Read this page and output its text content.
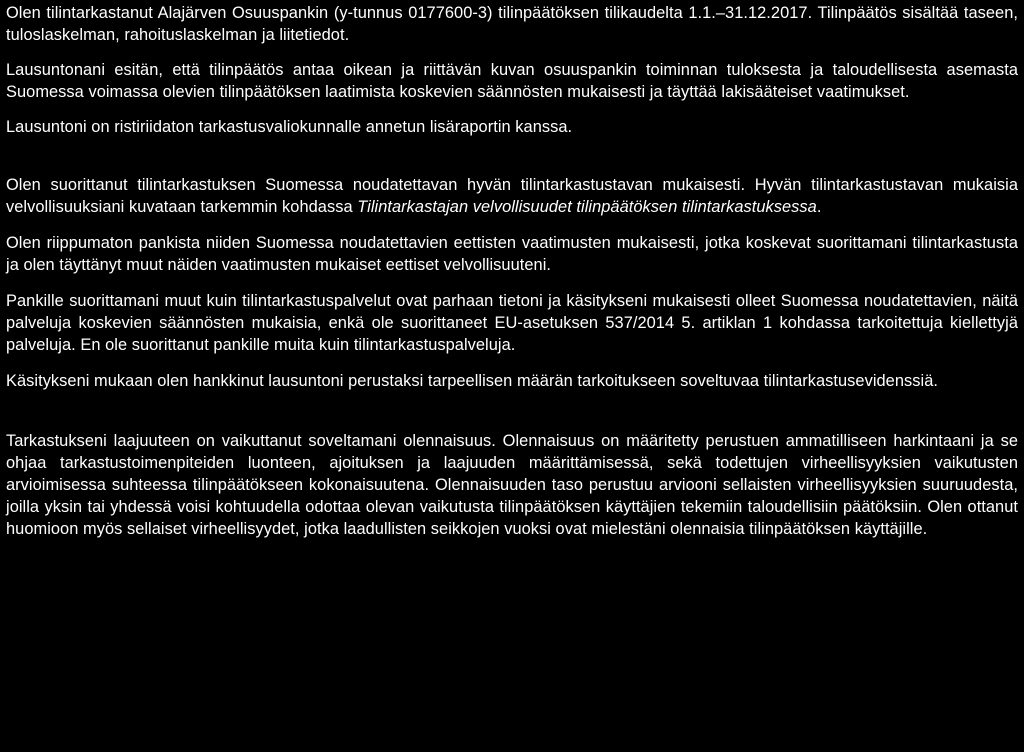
Olen tilintarkastanut Alajärven Osuuspankin (y-tunnus 0177600-3) tilinpäätöksen tilikaudelta 1.1.–31.12.2017. Tilinpäätös sisältää taseen, tuloslaskelman, rahoituslaskelman ja liitetiedot.

Lausuntonani esitän, että tilinpäätös antaa oikean ja riittävän kuvan osuuspankin toiminnan tuloksesta ja taloudellisesta asemasta Suomessa voimassa olevien tilinpäätöksen laatimista koskevien säännösten mukaisesti ja täyttää lakisääteiset vaatimukset.

Lausuntoni on ristiriidaton tarkastusvaliokunnalle annetun lisäraportin kanssa.

Olen suorittanut tilintarkastuksen Suomessa noudatettavan hyvän tilintarkastustavan mukaisesti. Hyvän tilintarkastustavan mukaisia velvollisuuksiani kuvataan tarkemmin kohdassa Tilintarkastajan velvollisuudet tilinpäätöksen tilintarkastuksessa.

Olen riippumaton pankista niiden Suomessa noudatettavien eettisten vaatimusten mukaisesti, jotka koskevat suorittamani tilintarkastusta ja olen täyttänyt muut näiden vaatimusten mukaiset eettiset velvollisuuteni.

Pankille suorittamani muut kuin tilintarkastuspalvelut ovat parhaan tietoni ja käsitykseni mukaisesti olleet Suomessa noudatettavien, näitä palveluja koskevien säännösten mukaisia, enkä ole suorittaneet EU-asetuksen 537/2014 5. artiklan 1 kohdassa tarkoitettuja kiellettyjä palveluja. En ole suorittanut pankille muita kuin tilintarkastuspalveluja.

Käsitykseni mukaan olen hankkinut lausuntoni perustaksi tarpeellisen määrän tarkoitukseen soveltuvaa tilintarkastusevidenssiä.

Tarkastukseni laajuuteen on vaikuttanut soveltamani olennaisuus. Olennaisuus on määritetty perustuen ammatilliseen harkintaani ja se ohjaa tarkastustoimenpiteiden luonteen, ajoituksen ja laajuuden määrittämisessä, sekä todettujen virheellisyyksien vaikutusten arvioimisessa suhteessa tilinpäätökseen kokonaisuutena. Olennaisuuden taso perustuu arviooni sellaisten virheellisyyksien suuruudesta, joilla yksin tai yhdessä voisi kohtuudella odottaa olevan vaikutusta tilinpäätöksen käyttäjien tekemiin taloudellisiin päätöksiin. Olen ottanut huomioon myös sellaiset virheellisyydet, jotka laadullisten seikkojen vuoksi ovat mielestäni olennaisia tilinpäätöksen käyttäjille.
